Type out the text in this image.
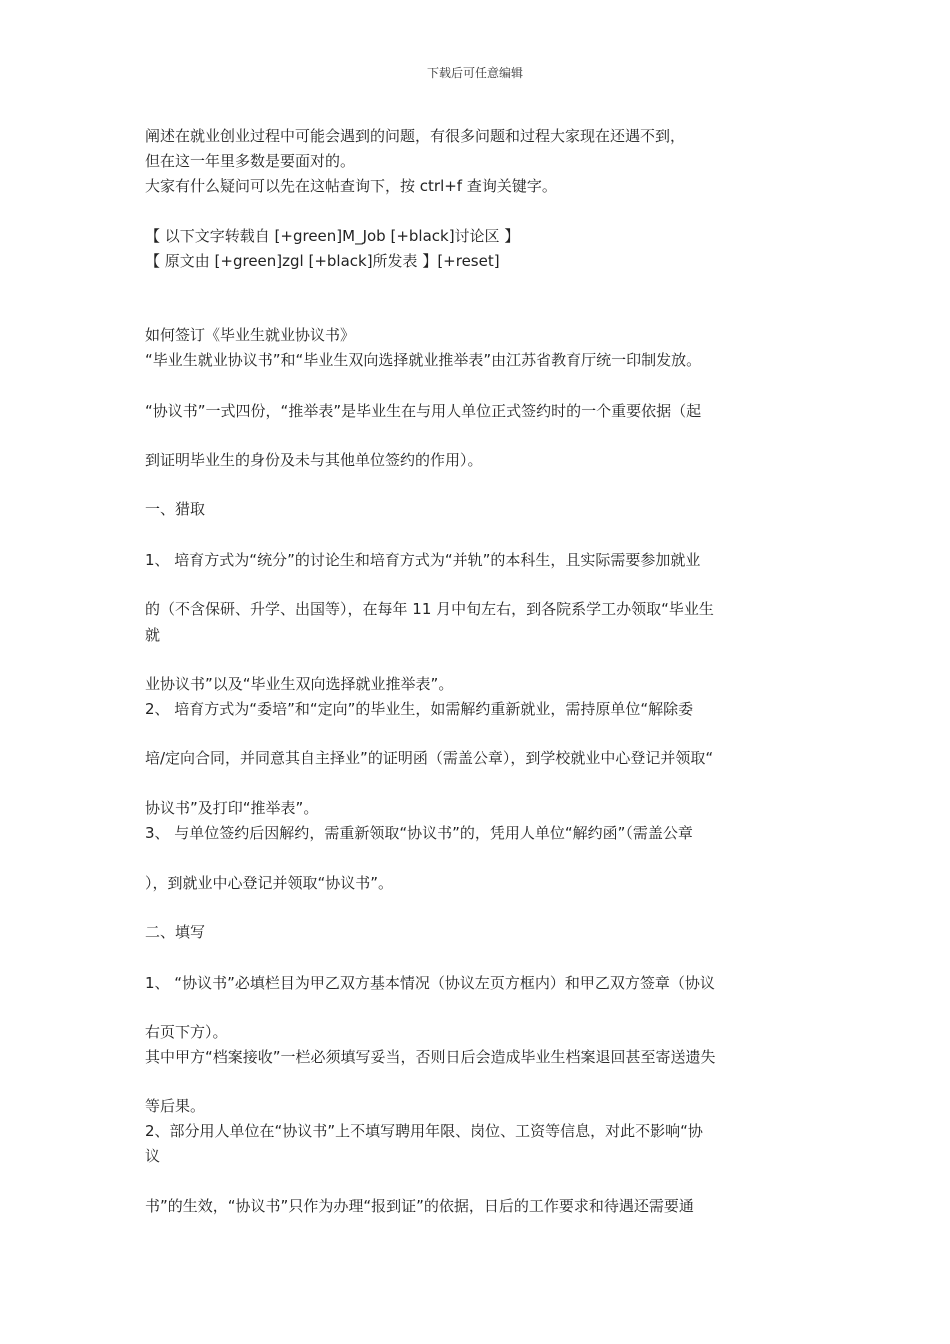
下载后可任意编辑
阐述在就业创业过程中可能会遇到的问题，有很多问题和过程大家现在还遇不到，
但在这一年里多数是要面对的。
大家有什么疑问可以先在这帖查询下，按 ctrl+f 查询关键字。
【 以下文字转载自 [+green]M_Job [+black]讨论区 】
【 原文由 [+green]zgl [+black]所发表 】[+reset]
如何签订《毕业生就业协议书》
“毕业生就业协议书”和“毕业生双向选择就业推举表”由江苏省教育厅统一印制发放。
“协议书”一式四份，“推举表”是毕业生在与用人单位正式签约时的一个重要依据（起
到证明毕业生的身份及未与其他单位签约的作用）。
一、猎取
1、 培育方式为“统分”的讨论生和培育方式为“并轨”的本科生，且实际需要参加就业
的（不含保研、升学、出国等），在每年 11 月中旬左右，到各院系学工办领取“毕业生
就
业协议书”以及“毕业生双向选择就业推举表”。
2、 培育方式为“委培”和“定向”的毕业生，如需解约重新就业，需持原单位“解除委
培/定向合同，并同意其自主择业”的证明函（需盖公章），到学校就业中心登记并领取“
协议书”及打印“推举表”。
3、 与单位签约后因解约，需重新领取“协议书”的，凭用人单位“解约函”（需盖公章
），到就业中心登记并领取“协议书”。
二、填写
1、 “协议书”必填栏目为甲乙双方基本情况（协议左页方框内）和甲乙双方签章（协议
右页下方）。
其中甲方“档案接收”一栏必须填写妥当，否则日后会造成毕业生档案退回甚至寄送遗失
等后果。
2、部分用人单位在“协议书”上不填写聘用年限、岗位、工资等信息，对此不影响“协
议
书”的生效，“协议书”只作为办理“报到证”的依据，日后的工作要求和待遇还需要通
